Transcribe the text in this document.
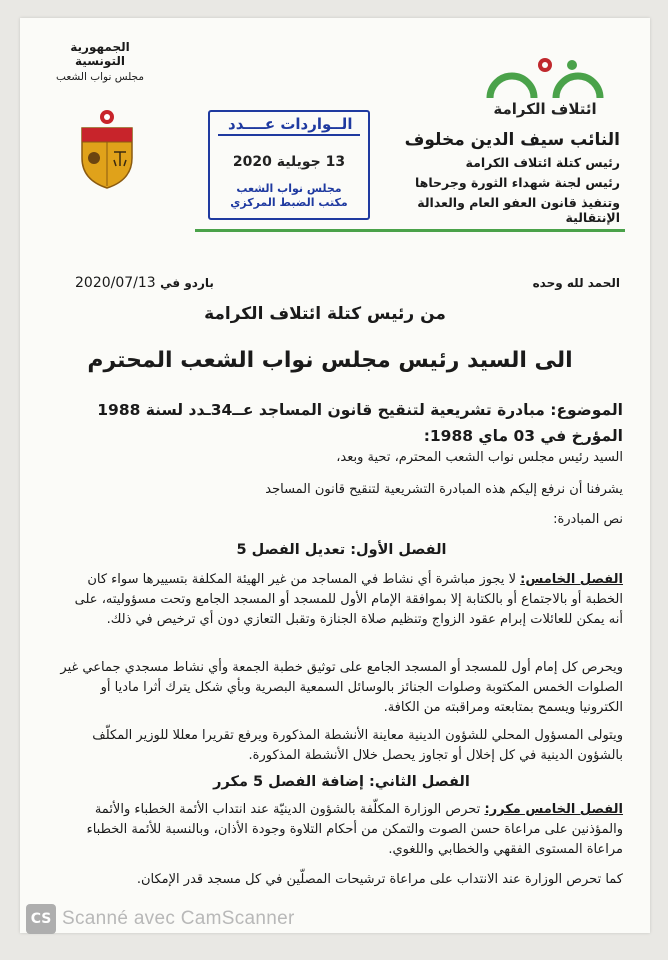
ائتلاف الكرامة
النائب سيف الدين مخلوف
رئيس كتلة ائتلاف الكرامة
رئيس لجنة شهداء الثورة وجرحاها
وتنفيذ قانون العفو العام والعدالة الإنتقالية
الــواردات عــــدد
13 جويلية 2020
مجلس نواب الشعب
مكتب الضبط المركزي
الجمهورية التونسية
مجلس نواب الشعب
الحمد لله وحده
2020/07/13 باردو في
من رئيس كتلة ائتلاف الكرامة
الى السيد رئيس مجلس نواب الشعب المحترم
الموضوع: مبادرة تشريعية لتنقيح قانون المساجد عــ34ـدد لسنة 1988 المؤرخ في 03 ماي 1988:
السيد رئيس مجلس نواب الشعب المحترم، تحية وبعد،
يشرفنا أن نرفع إليكم هذه المبادرة التشريعية لتنقيح قانون المساجد
نص المبادرة:
الفصل الأول: تعديل الفصل 5
الفصل الخامس: لا يجوز مباشرة أي نشاط في المساجد من غير الهيئة المكلفة بتسييرها سواء كان الخطبة أو بالاجتماع أو بالكتابة إلا بموافقة الإمام الأول للمسجد أو المسجد الجامع وتحت مسؤوليته، على أنه يمكن للعائلات إبرام عقود الزواج وتنظيم صلاة الجنازة وتقبل التعازي دون أي ترخيص في ذلك.
ويحرص كل إمام أول للمسجد أو المسجد الجامع على توثيق خطبة الجمعة وأي نشاط مسجدي جماعي غير الصلوات الخمس المكتوبة وصلوات الجنائز بالوسائل السمعية البصرية وبأي شكل يترك أثرا ماديا أو الكترونيا ويسمح بمتابعته ومراقبته من الكافة.
ويتولى المسؤول المحلي للشؤون الدينية معاينة الأنشطة المذكورة ويرفع تقريرا معللا للوزير المكلّف بالشؤون الدينية في كل إخلال أو تجاوز يحصل خلال الأنشطة المذكورة.
الفصل الثاني: إضافة الفصل 5 مكرر
الفصل الخامس مكرر: تحرص الوزارة المكلّفة بالشؤون الدينيّة عند انتداب الأئمة الخطباء والأئمة والمؤذنين على مراعاة حسن الصوت والتمكن من أحكام التلاوة وجودة الأذان، وبالنسبة للأئمة الخطباء مراعاة المستوى الفقهي والخطابي واللغوي.
كما تحرص الوزارة عند الانتداب على مراعاة ترشيحات المصلّين في كل مسجد قدر الإمكان.
CS Scanné avec CamScanner
